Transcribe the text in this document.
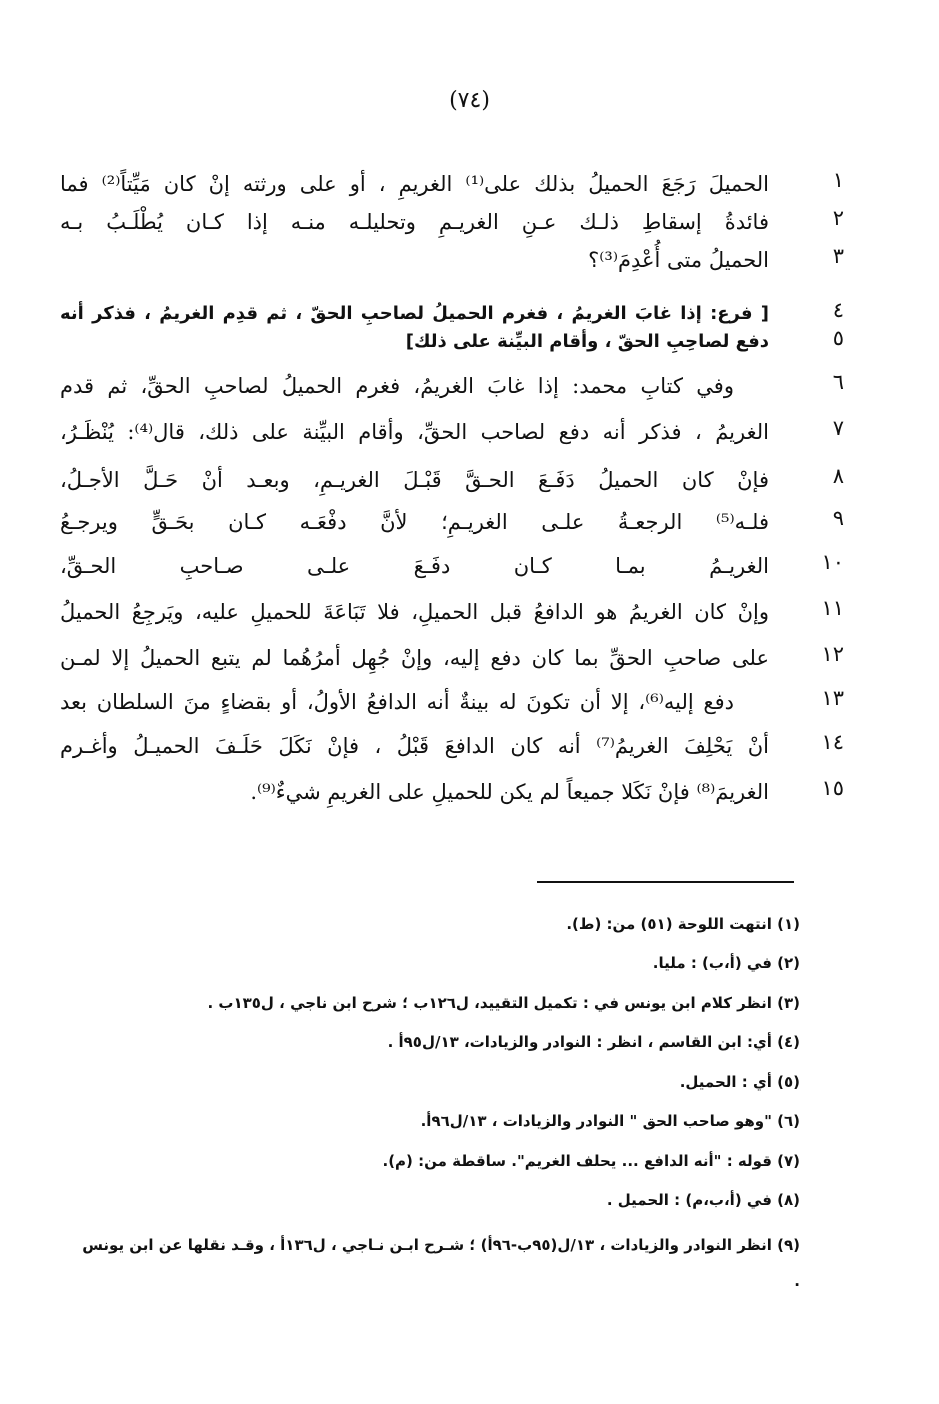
(٧٤)
١
الحميلَ رَجَعَ الحميلُ بذلك على⁽¹⁾ الغريمِ ، أو على ورثته إنْ كان مَيِّتاً⁽²⁾ فما
٢
فائدةُ إسقاطِ ذلـك عـنِ الغريـمِ وتحليلـه منـه إذا كـان يُطْلَـبُ بـه
٣
الحميلُ متى أُعْدِمَ⁽³⁾؟
٤
[ فرع: إذا غابَ الغريمُ ، فغرم الحميلُ لصاحبِ الحقّ ، ثم قدِم الغريمُ ، فذكر أنه
٥
دفع لصاحِبِ الحقّ ، وأقام البيِّنة على ذلك]
٦
وفي كتابِ محمد: إذا غابَ الغريمُ، فغرم الحميلُ لصاحبِ الحقِّ، ثم قدم
٧
الغريمُ ، فذكر أنه دفع لصاحب الحقِّ، وأقام البيِّنة على ذلك، قال⁽⁴⁾: يُنْظَـرُ،
٨
فإنْ كان الحميلُ دَفَـعَ الحـقَّ قَبْـلَ الغريـمِ، وبعـد أنْ حَـلَّ الأجـلُ،
٩
فلـه⁽⁵⁾ الرجعـةُ علـى الغريـمِ؛ لأنَّ دفْعَـه كـان بحَـقٍّ ويرجـعُ
١٠
الغريـمُ بمـا كـان دفَـعَ علـى صـاحبِ الحـقِّ،
١١
وإنْ كان الغريمُ هو الدافعُ قبل الحميلِ، فلا تَبَاعَةَ للحميلِ عليه، ويَرجِعُ الحميلُ
١٢
على صاحبِ الحقِّ بما كان دفع إليه، وإنْ جُهِل أمرُهُما لم يتبع الحميلُ إلا لمـن
١٣
دفع إليه⁽⁶⁾، إلا أن تكونَ له بينةٌ أنه الدافعُ الأولُ، أو بقضاءٍ منَ السلطان بعد
١٤
أنْ يَحْلِفَ الغريمُ⁽⁷⁾ أنه كان الدافعَ قَبْلُ ، فإنْ نَكَلَ حَلَـفَ الحميـلُ وأغـرم
١٥
الغريمَ⁽⁸⁾ فإنْ نَكَلا جميعاً لم يكن للحميلِ على الغريمِ شيءٌ⁽⁹⁾.
(١) انتهت اللوحة (٥١) من: (ط).
(٢) في (أ،ب) : مليا.
(٣) انظر كلام ابن يونس في : تكميل التقييد، ل١٢٦ب ؛ شرح ابن ناجي ، ل١٣٥ب .
(٤) أي: ابن القاسم ، انظر : النوادر والزيادات، ١٣/ل٩٥أ .
(٥) أي : الحميل.
(٦) "وهو صاحب الحق " النوادر والزيادات ، ١٣/ل٩٦أ.
(٧) قوله : "أنه الدافع ... يحلف الغريم". ساقطة من: (م).
(٨) في (أ،ب،م) : الحميل .
(٩) انظر النوادر والزيادات ، ١٣/ل(٩٥ب-٩٦أ) ؛ شـرح ابـن نـاجي ، ل١٣٦أ ، وقـد نقلها عن ابن يونس .
